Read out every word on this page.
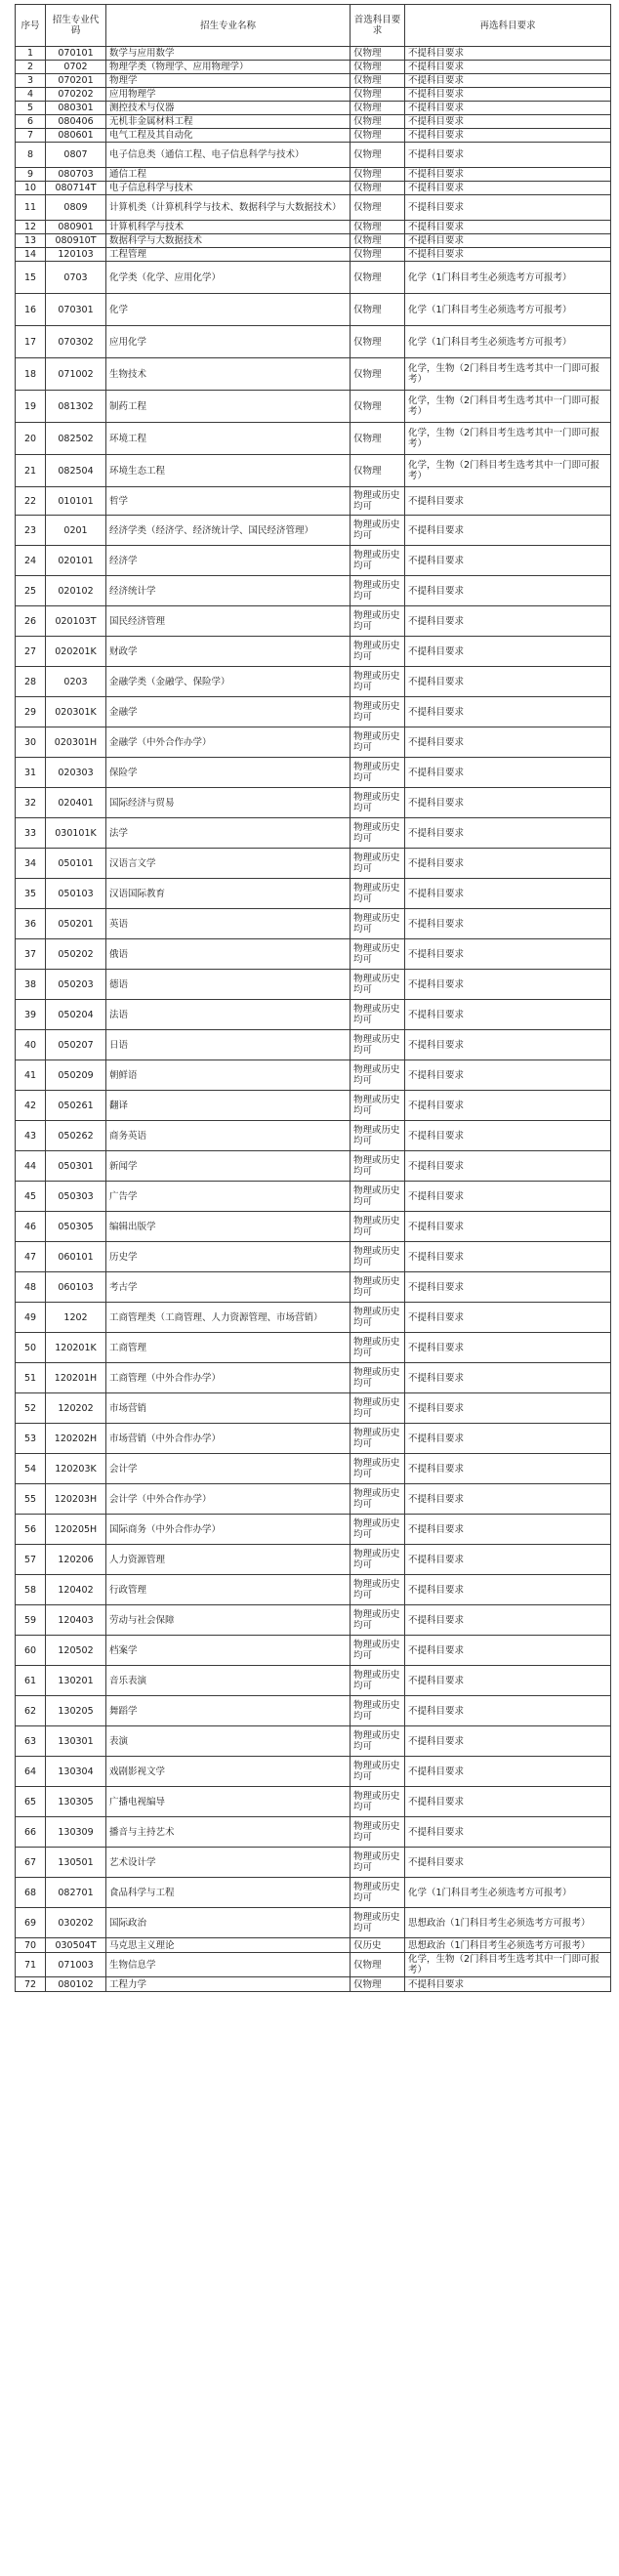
序号	招生专业代码	招生专业名称	首选科目要求	再选科目要求
1	070101	数学与应用数学	仅物理	不提科目要求
2	0702	物理学类（物理学、应用物理学）	仅物理	不提科目要求
3	070201	物理学	仅物理	不提科目要求
4	070202	应用物理学	仅物理	不提科目要求
5	080301	测控技术与仪器	仅物理	不提科目要求
6	080406	无机非金属材料工程	仅物理	不提科目要求
7	080601	电气工程及其自动化	仅物理	不提科目要求
8	0807	电子信息类（通信工程、电子信息科学与技术）	仅物理	不提科目要求
9	080703	通信工程	仅物理	不提科目要求
10	080714T	电子信息科学与技术	仅物理	不提科目要求
11	0809	计算机类（计算机科学与技术、数据科学与大数据技术）	仅物理	不提科目要求
12	080901	计算机科学与技术	仅物理	不提科目要求
13	080910T	数据科学与大数据技术	仅物理	不提科目要求
14	120103	工程管理	仅物理	不提科目要求
15	0703	化学类（化学、应用化学）	仅物理	化学（1门科目考生必须选考方可报考）
16	070301	化学	仅物理	化学（1门科目考生必须选考方可报考）
17	070302	应用化学	仅物理	化学（1门科目考生必须选考方可报考）
18	071002	生物技术	仅物理	化学，生物（2门科目考生选考其中一门即可报考）
19	081302	制药工程	仅物理	化学，生物（2门科目考生选考其中一门即可报考）
20	082502	环境工程	仅物理	化学，生物（2门科目考生选考其中一门即可报考）
21	082504	环境生态工程	仅物理	化学，生物（2门科目考生选考其中一门即可报考）
22	010101	哲学	物理或历史均可	不提科目要求
23	0201	经济学类（经济学、经济统计学、国民经济管理）	物理或历史均可	不提科目要求
24	020101	经济学	物理或历史均可	不提科目要求
25	020102	经济统计学	物理或历史均可	不提科目要求
26	020103T	国民经济管理	物理或历史均可	不提科目要求
27	020201K	财政学	物理或历史均可	不提科目要求
28	0203	金融学类（金融学、保险学）	物理或历史均可	不提科目要求
29	020301K	金融学	物理或历史均可	不提科目要求
30	020301H	金融学（中外合作办学）	物理或历史均可	不提科目要求
31	020303	保险学	物理或历史均可	不提科目要求
32	020401	国际经济与贸易	物理或历史均可	不提科目要求
33	030101K	法学	物理或历史均可	不提科目要求
34	050101	汉语言文学	物理或历史均可	不提科目要求
35	050103	汉语国际教育	物理或历史均可	不提科目要求
36	050201	英语	物理或历史均可	不提科目要求
37	050202	俄语	物理或历史均可	不提科目要求
38	050203	德语	物理或历史均可	不提科目要求
39	050204	法语	物理或历史均可	不提科目要求
40	050207	日语	物理或历史均可	不提科目要求
41	050209	朝鲜语	物理或历史均可	不提科目要求
42	050261	翻译	物理或历史均可	不提科目要求
43	050262	商务英语	物理或历史均可	不提科目要求
44	050301	新闻学	物理或历史均可	不提科目要求
45	050303	广告学	物理或历史均可	不提科目要求
46	050305	编辑出版学	物理或历史均可	不提科目要求
47	060101	历史学	物理或历史均可	不提科目要求
48	060103	考古学	物理或历史均可	不提科目要求
49	1202	工商管理类（工商管理、人力资源管理、市场营销）	物理或历史均可	不提科目要求
50	120201K	工商管理	物理或历史均可	不提科目要求
51	120201H	工商管理（中外合作办学）	物理或历史均可	不提科目要求
52	120202	市场营销	物理或历史均可	不提科目要求
53	120202H	市场营销（中外合作办学）	物理或历史均可	不提科目要求
54	120203K	会计学	物理或历史均可	不提科目要求
55	120203H	会计学（中外合作办学）	物理或历史均可	不提科目要求
56	120205H	国际商务（中外合作办学）	物理或历史均可	不提科目要求
57	120206	人力资源管理	物理或历史均可	不提科目要求
58	120402	行政管理	物理或历史均可	不提科目要求
59	120403	劳动与社会保障	物理或历史均可	不提科目要求
60	120502	档案学	物理或历史均可	不提科目要求
61	130201	音乐表演	物理或历史均可	不提科目要求
62	130205	舞蹈学	物理或历史均可	不提科目要求
63	130301	表演	物理或历史均可	不提科目要求
64	130304	戏剧影视文学	物理或历史均可	不提科目要求
65	130305	广播电视编导	物理或历史均可	不提科目要求
66	130309	播音与主持艺术	物理或历史均可	不提科目要求
67	130501	艺术设计学	物理或历史均可	不提科目要求
68	082701	食品科学与工程	物理或历史均可	化学（1门科目考生必须选考方可报考）
69	030202	国际政治	物理或历史均可	思想政治（1门科目考生必须选考方可报考）
70	030504T	马克思主义理论	仅历史	思想政治（1门科目考生必须选考方可报考）
71	071003	生物信息学	仅物理	化学，生物（2门科目考生选考其中一门即可报考）
72	080102	工程力学	仅物理	不提科目要求
